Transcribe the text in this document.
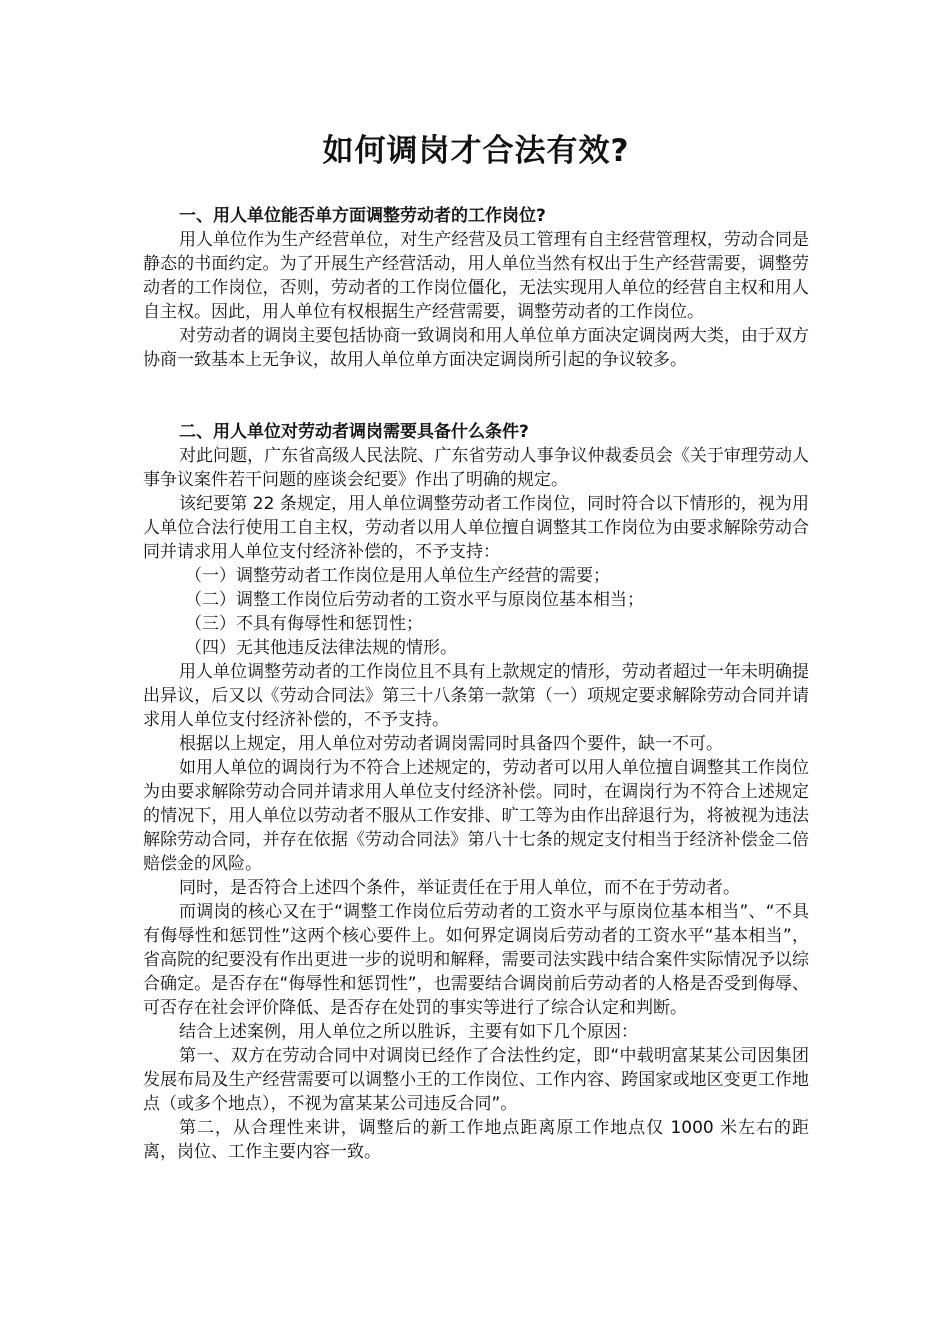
如何调岗才合法有效?

一、用人单位能否单方面调整劳动者的工作岗位?

用人单位作为生产经营单位，对生产经营及员工管理有自主经营管理权，劳动合同是静态的书面约定。为了开展生产经营活动，用人单位当然有权出于生产经营需要，调整劳动者的工作岗位，否则，劳动者的工作岗位僵化，无法实现用人单位的经营自主权和用人自主权。因此，用人单位有权根据生产经营需要，调整劳动者的工作岗位。

对劳动者的调岗主要包括协商一致调岗和用人单位单方面决定调岗两大类，由于双方协商一致基本上无争议，故用人单位单方面决定调岗所引起的争议较多。

二、用人单位对劳动者调岗需要具备什么条件?

对此问题，广东省高级人民法院、广东省劳动人事争议仲裁委员会《关于审理劳动人事争议案件若干问题的座谈会纪要》作出了明确的规定。

该纪要第 22 条规定，用人单位调整劳动者工作岗位，同时符合以下情形的，视为用人单位合法行使用工自主权，劳动者以用人单位擅自调整其工作岗位为由要求解除劳动合同并请求用人单位支付经济补偿的，不予支持：

（一）调整劳动者工作岗位是用人单位生产经营的需要；

（二）调整工作岗位后劳动者的工资水平与原岗位基本相当；

（三）不具有侮辱性和惩罚性；

（四）无其他违反法律法规的情形。

用人单位调整劳动者的工作岗位且不具有上款规定的情形，劳动者超过一年未明确提出异议，后又以《劳动合同法》第三十八条第一款第（一）项规定要求解除劳动合同并请求用人单位支付经济补偿的，不予支持。

根据以上规定，用人单位对劳动者调岗需同时具备四个要件，缺一不可。

如用人单位的调岗行为不符合上述规定的，劳动者可以用人单位擅自调整其工作岗位为由要求解除劳动合同并请求用人单位支付经济补偿。同时，在调岗行为不符合上述规定的情况下，用人单位以劳动者不服从工作安排、旷工等为由作出辞退行为，将被视为违法解除劳动合同，并存在依据《劳动合同法》第八十七条的规定支付相当于经济补偿金二倍赔偿金的风险。

同时，是否符合上述四个条件，举证责任在于用人单位，而不在于劳动者。

而调岗的核心又在于“调整工作岗位后劳动者的工资水平与原岗位基本相当”、“不具有侮辱性和惩罚性”这两个核心要件上。如何界定调岗后劳动者的工资水平“基本相当”，省高院的纪要没有作出更进一步的说明和解释，需要司法实践中结合案件实际情况予以综合确定。是否存在“侮辱性和惩罚性”，也需要结合调岗前后劳动者的人格是否受到侮辱、可否存在社会评价降低、是否存在处罚的事实等进行了综合认定和判断。

结合上述案例，用人单位之所以胜诉，主要有如下几个原因：

第一、双方在劳动合同中对调岗已经作了合法性约定，即“中载明富某某公司因集团发展布局及生产经营需要可以调整小王的工作岗位、工作内容、跨国家或地区变更工作地点（或多个地点），不视为富某某公司违反合同”。

第二，从合理性来讲，调整后的新工作地点距离原工作地点仅 1000 米左右的距离，岗位、工作主要内容一致。
